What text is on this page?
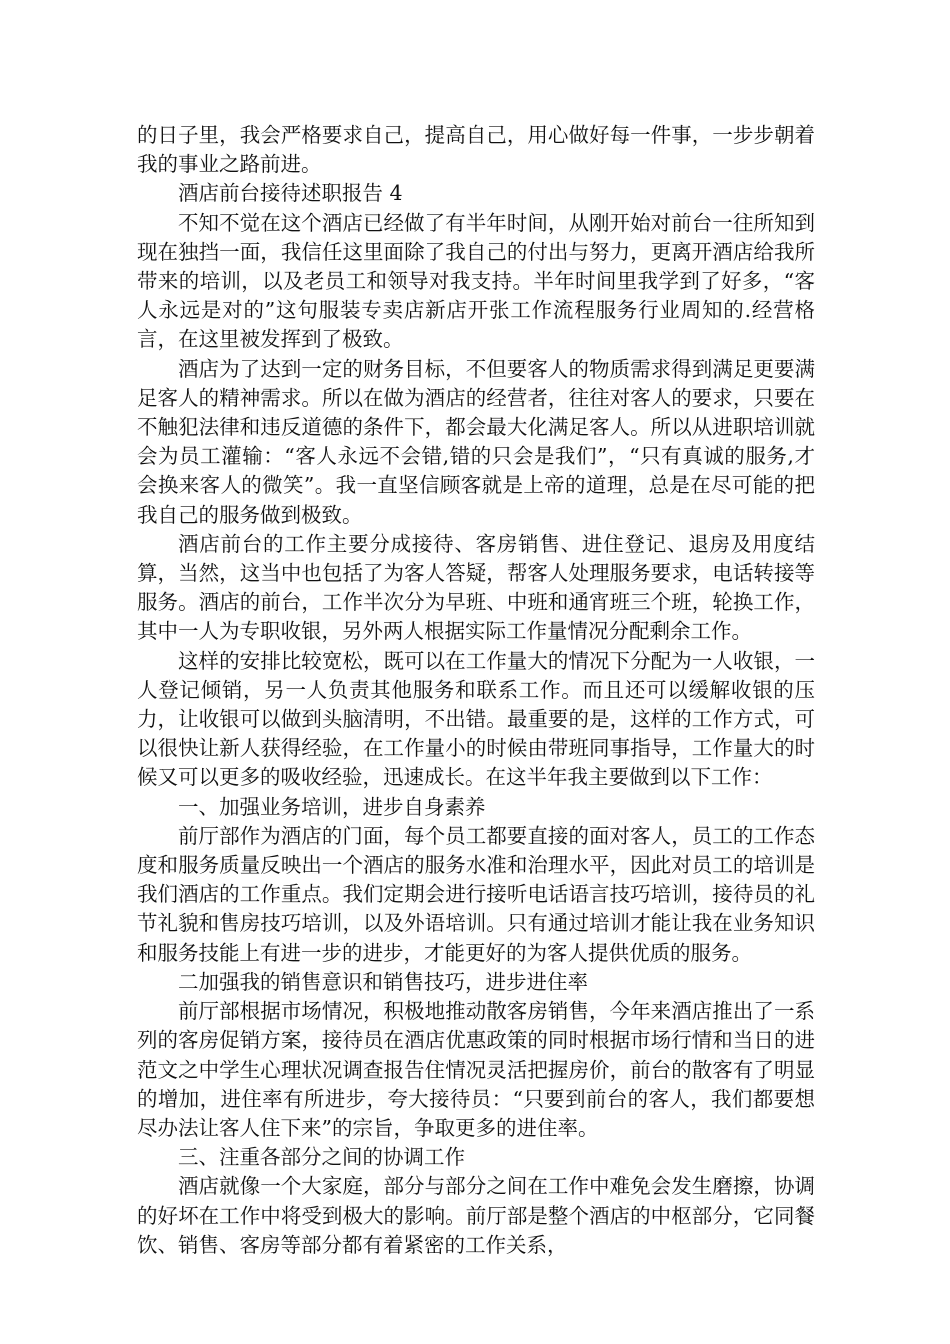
的日子里，我会严格要求自己，提高自己，用心做好每一件事，一步步朝着我的事业之路前进。

酒店前台接待述职报告 4

不知不觉在这个酒店已经做了有半年时间，从刚开始对前台一往所知到现在独挡一面，我信任这里面除了我自己的付出与努力，更离开酒店给我所带来的培训，以及老员工和领导对我支持。半年时间里我学到了好多，“客人永远是对的”这句服装专卖店新店开张工作流程服务行业周知的.经营格言，在这里被发挥到了极致。

酒店为了达到一定的财务目标，不但要客人的物质需求得到满足更要满足客人的精神需求。所以在做为酒店的经营者，往往对客人的要求，只要在不触犯法律和违反道德的条件下，都会最大化满足客人。所以从进职培训就会为员工灌输：“客人永远不会错,错的只会是我们”，“只有真诚的服务,才会换来客人的微笑”。我一直坚信顾客就是上帝的道理，总是在尽可能的把我自己的服务做到极致。

酒店前台的工作主要分成接待、客房销售、进住登记、退房及用度结算，当然，这当中也包括了为客人答疑，帮客人处理服务要求，电话转接等服务。酒店的前台，工作半次分为早班、中班和通宵班三个班，轮换工作，其中一人为专职收银，另外两人根据实际工作量情况分配剩余工作。

这样的安排比较宽松，既可以在工作量大的情况下分配为一人收银，一人登记倾销，另一人负责其他服务和联系工作。而且还可以缓解收银的压力，让收银可以做到头脑清明，不出错。最重要的是，这样的工作方式，可以很快让新人获得经验，在工作量小的时候由带班同事指导，工作量大的时候又可以更多的吸收经验，迅速成长。在这半年我主要做到以下工作：

一、加强业务培训，进步自身素养

前厅部作为酒店的门面，每个员工都要直接的面对客人，员工的工作态度和服务质量反映出一个酒店的服务水准和治理水平，因此对员工的培训是我们酒店的工作重点。我们定期会进行接听电话语言技巧培训，接待员的礼节礼貌和售房技巧培训，以及外语培训。只有通过培训才能让我在业务知识和服务技能上有进一步的进步，才能更好的为客人提供优质的服务。

二加强我的销售意识和销售技巧，进步进住率

前厅部根据市场情况，积极地推动散客房销售，今年来酒店推出了一系列的客房促销方案，接待员在酒店优惠政策的同时根据市场行情和当日的进范文之中学生心理状况调查报告住情况灵活把握房价，前台的散客有了明显的增加，进住率有所进步，夸大接待员：“只要到前台的客人，我们都要想尽办法让客人住下来”的宗旨，争取更多的进住率。

三、注重各部分之间的协调工作

酒店就像一个大家庭，部分与部分之间在工作中难免会发生磨擦，协调的好坏在工作中将受到极大的影响。前厅部是整个酒店的中枢部分，它同餐饮、销售、客房等部分都有着紧密的工作关系，
